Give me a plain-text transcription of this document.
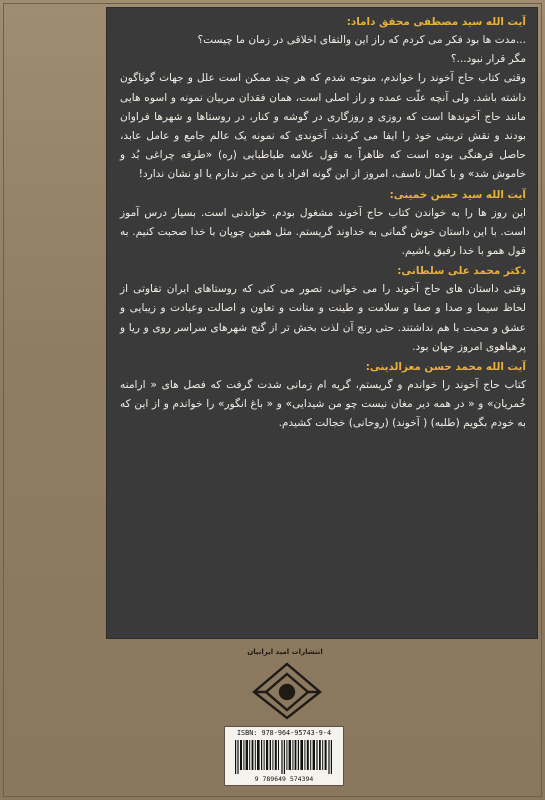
آیت الله سید مصطفی محقق داماد:

...مدت ها بود فکر می کردم که راز این والتفای اخلاقی در زمان ما چیست؟

مگر قرار نبود...؟

وقتی کتاب حاج آخوند را خواندم، متوجه شدم که هر چند ممکن است علل و جهات گوناگون داشته باشد. ولی آنچه علّت عمده و راز اصلی است، همان فقدان مربیان نمونه و اسوه هایی مانند حاج آخوندها است که روزی و روزگاری در گوشه و کنار، در روستاها و شهرها فراوان بودند و نقش تربیتی خود را ایفا می کردند. آخوندی که نمونه یک عالم جامع و عامل عابد، حاصل فرهنگی بوده است که ظاهراً به قول علامه طباطبایی (ره) «طرفه چراغی بُد و خاموش شد» و با کمال تاسف، امروز از این گونه افراد یا من خبر ندارم یا او نشان ندارد!

آیت الله سید حسن خمینی:

این روز ها را به خواندن کتاب حاج آخوند مشغول بودم. خواندنی است. بسیار درس آموز است. با این داستان خوش گمانی به خداوند گریستم. مثل همین چوپان با خدا صحبت کنیم. به قول همو با خدا رفیق باشیم.

دکتر محمد علی سلطانی:

وقتی داستان های حاج آخوند را می خوانی، تصور می کنی که روستاهای ایران تفاوتی از لحاظ سیما و صدا و صفا و سلامت و طینت و متانت و تعاون و اصالت وعبادت و زیبایی و عشق و محبت با هم نداشتند. حتی رنج آن لذت بخش تر از گنج شهرهای سراسر روی و ریا و پرهیاهوی امروز جهان بود.

آیت الله محمد حسن معزالدینی:

کتاب حاج آخوند را خواندم و گریستم، گریه ام زمانی شدت گرفت که فصل های « ارامنه خُمریان» و « در همه دیر مغان نیست چو من شیدایی» و « باغ انگور» را خواندم و از این که به خودم بگویم (طلبه) ( آخوند) (روحانی) خجالت کشیدم.

انتشارات امید ایرانیان
ISBN: 978-964-95743-9-4
9 789649 574394
